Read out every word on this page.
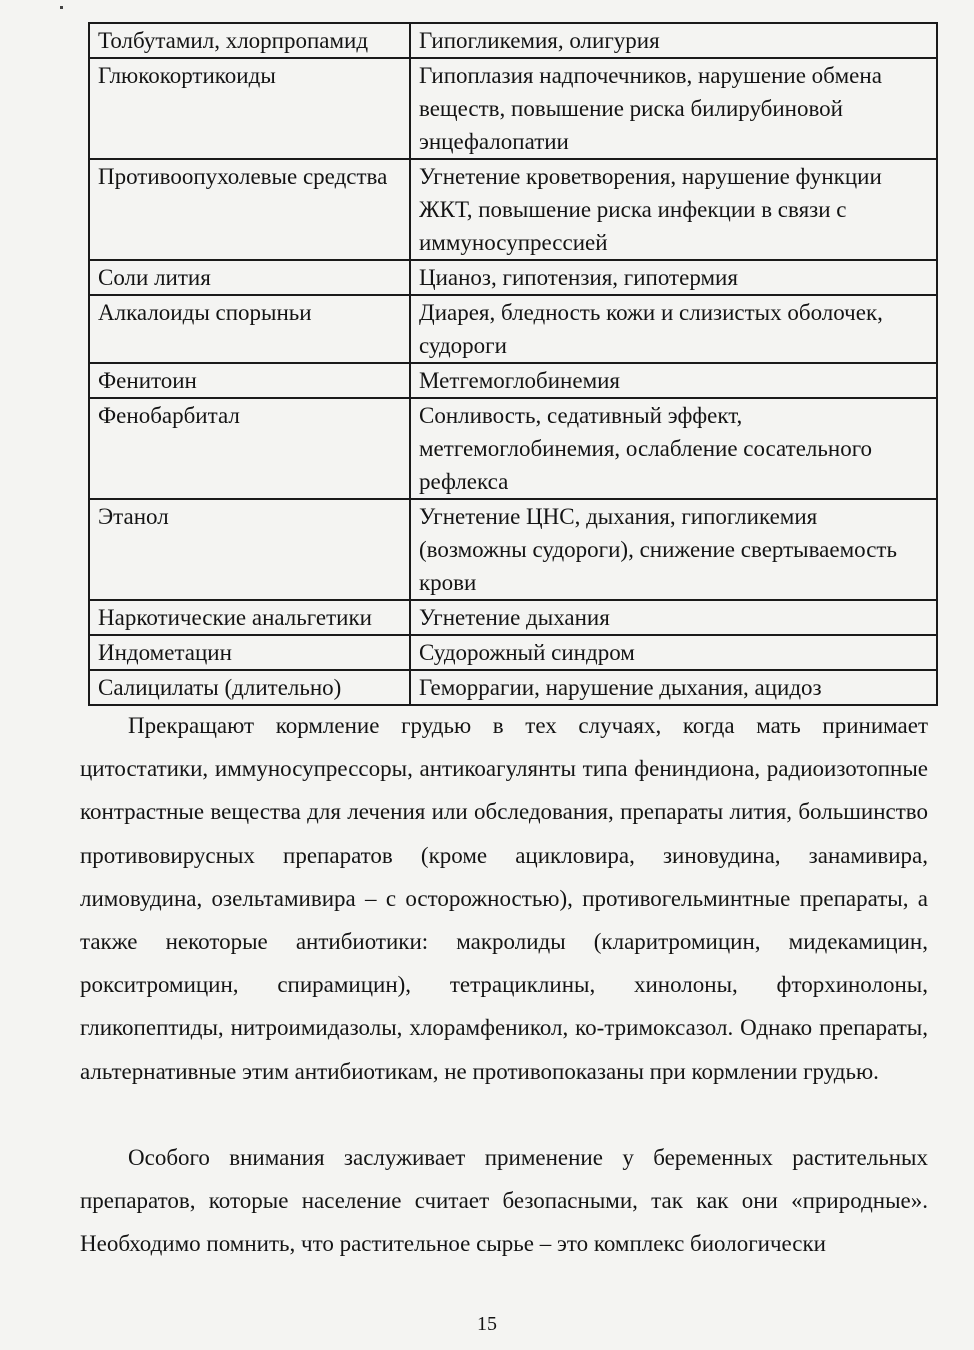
Толбутамил, хлорпропамид	Гипогликемия, олигурия
Глюкокортикоиды	Гипоплазия надпочечников, нарушение обмена веществ, повышение риска билирубиновой энцефалопатии
Противоопухолевые средства	Угнетение кроветворения, нарушение функции ЖКТ, повышение риска инфекции в связи с иммуносупрессией
Соли лития	Цианоз, гипотензия, гипотермия
Алкалоиды спорыньи	Диарея, бледность кожи и слизистых оболочек, судороги
Фенитоин	Метгемоглобинемия
Фенобарбитал	Сонливость, седативный эффект, метгемоглобинемия, ослабление сосательного рефлекса
Этанол	Угнетение ЦНС, дыхания, гипогликемия (возможны судороги), снижение свертываемость крови
Наркотические анальгетики	Угнетение дыхания
Индометацин	Судорожный синдром
Салицилаты (длительно)	Геморрагии, нарушение дыхания, ацидоз

Прекращают кормление грудью в тех случаях, когда мать принимает цитостатики, иммуносупрессоры, антикоагулянты типа фениндиона, радиоизотопные контрастные вещества для лечения или обследования, препараты лития, большинство противовирусных препаратов (кроме ацикловира, зиновудина, занамивира, лимовудина, озельтамивира – с осторожностью), противогельминтные препараты, а также некоторые антибиотики: макролиды (кларитромицин, мидекамицин, рокситромицин, спирамицин), тетрациклины, хинолоны, фторхинолоны, гликопептиды, нитроимидазолы, хлорамфеникол, ко-тримоксазол. Однако препараты, альтернативные этим антибиотикам, не противопоказаны при кормлении грудью.

Особого внимания заслуживает применение у беременных растительных препаратов, которые население считает безопасными, так как они «природные». Необходимо помнить, что растительное сырье – это комплекс биологически

15
